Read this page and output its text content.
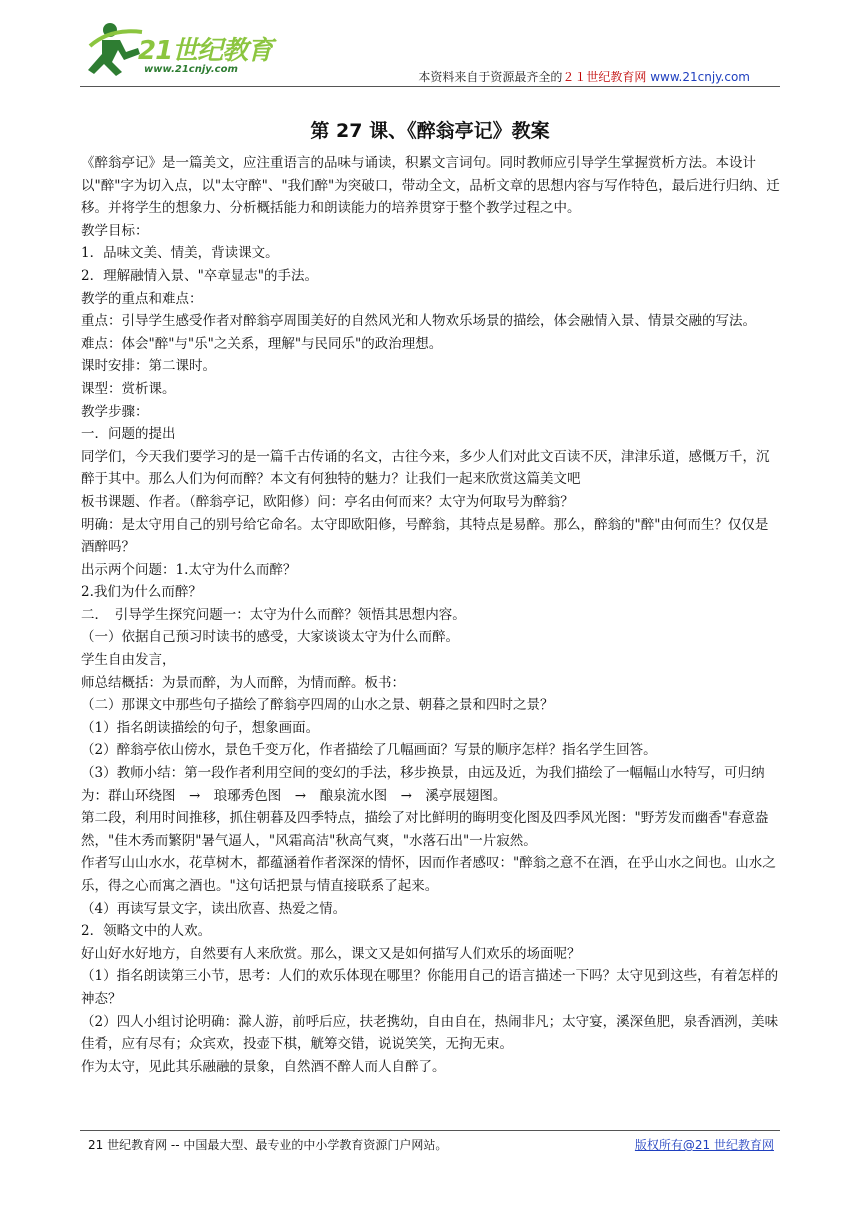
21世纪教育
www.21cnjy.com
本资料来自于资源最齐全的２１世纪教育网 www.21cnjy.com
第 27 课、《醉翁亭记》教案

《醉翁亭记》是一篇美文，应注重语言的品味与诵读，积累文言词句。同时教师应引导学生掌握赏析方法。本设计以"醉"字为切入点，以"太守醉"、"我们醉"为突破口，带动全文，品析文章的思想内容与写作特色，最后进行归纳、迁移。并将学生的想象力、分析概括能力和朗读能力的培养贯穿于整个教学过程之中。

教学目标：

1．品味文美、情美，背读课文。

2．理解融情入景、"卒章显志"的手法。

教学的重点和难点：

重点：引导学生感受作者对醉翁亭周围美好的自然风光和人物欢乐场景的描绘，体会融情入景、情景交融的写法。

难点：体会"醉"与"乐"之关系，理解"与民同乐"的政治理想。

课时安排：第二课时。

课型：赏析课。

教学步骤：

一．问题的提出

同学们，今天我们要学习的是一篇千古传诵的名文，古往今来，多少人们对此文百读不厌，津津乐道，感慨万千，沉醉于其中。那么人们为何而醉？本文有何独特的魅力？让我们一起来欣赏这篇美文吧

板书课题、作者。（醉翁亭记，欧阳修）问：亭名由何而来？太守为何取号为醉翁？

明确：是太守用自己的别号给它命名。太守即欧阳修，号醉翁，其特点是易醉。那么，醉翁的"醉"由何而生？仅仅是酒醉吗？

出示两个问题：1.太守为什么而醉？

2.我们为什么而醉？

二．　引导学生探究问题一：太守为什么而醉？领悟其思想内容。

（一）依据自己预习时读书的感受，大家谈谈太守为什么而醉。

学生自由发言，

师总结概括：为景而醉，为人而醉，为情而醉。板书：

（二）那课文中那些句子描绘了醉翁亭四周的山水之景、朝暮之景和四时之景？

（1）指名朗读描绘的句子，想象画面。

（2）醉翁亭依山傍水，景色千变万化，作者描绘了几幅画面？写景的顺序怎样？指名学生回答。

（3）教师小结：第一段作者利用空间的变幻的手法，移步换景，由远及近，为我们描绘了一幅幅山水特写，可归纳为：群山环绕图　→　琅琊秀色图　→　酿泉流水图　→　溪亭展翅图。

第二段，利用时间推移，抓住朝暮及四季特点，描绘了对比鲜明的晦明变化图及四季风光图："野芳发而幽香"春意盎然，"佳木秀而繁阴"暑气逼人，"风霜高洁"秋高气爽，"水落石出"一片寂然。

作者写山山水水，花草树木，都蕴涵着作者深深的情怀，因而作者感叹："醉翁之意不在酒，在乎山水之间也。山水之乐，得之心而寓之酒也。"这句话把景与情直接联系了起来。

（4）再读写景文字，读出欣喜、热爱之情。

2．领略文中的人欢。

好山好水好地方，自然要有人来欣赏。那么，课文又是如何描写人们欢乐的场面呢？

（1）指名朗读第三小节，思考：人们的欢乐体现在哪里？你能用自己的语言描述一下吗？太守见到这些，有着怎样的神态？

（2）四人小组讨论明确：滁人游，前呼后应，扶老携幼，自由自在，热闹非凡；太守宴，溪深鱼肥，泉香酒洌，美味佳肴，应有尽有；众宾欢，投壶下棋，觥筹交错，说说笑笑，无拘无束。

作为太守，见此其乐融融的景象，自然酒不醉人而人自醉了。

21 世纪教育网 -- 中国最大型、最专业的中小学教育资源门户网站。	版权所有@21 世纪教育网
